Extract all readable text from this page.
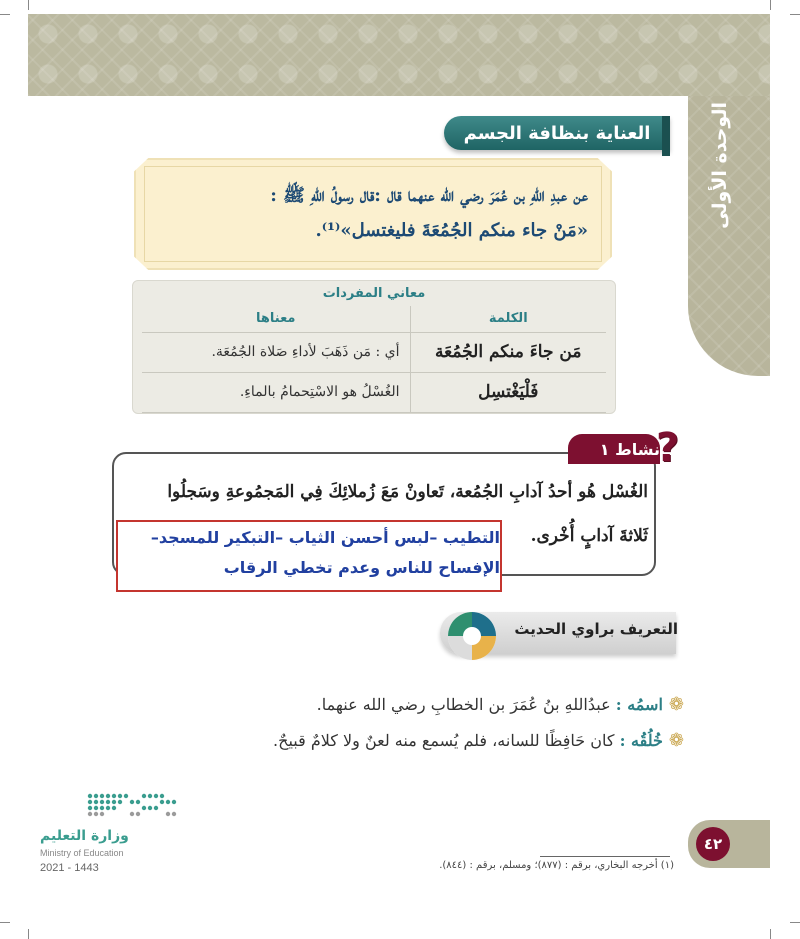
الوحدة الأولى
العناية بنظافة الجسم
عن عبدِ اللهِ بن عُمَرَ رضي الله عنهما قال :قال رسولُ اللهِ ﷺ :
«مَنْ جاء منكم الجُمُعَةَ فليغتسل»⁽¹⁾.
معاني المفردات
الكلمة	معناها
مَن جاءَ منكم الجُمُعَة	أي : مَن ذَهَبَ لأداءِ صَلاة الجُمُعَة.
فَلْيَغْتسِل	الغُسْلُ هو الاسْتِحمامُ بالماءِ.
نشاط ١
?
الغُسْل هُو أحدُ آدابِ الجُمُعة، تَعاونْ مَعَ زُملائِكَ فِي المَجمُوعةِ وسَجلُوا
ثَلاثةَ آدابٍ أُخْرى.
التطيب –لبس أحسن الثياب –التبكير للمسجد–
الإفساح للناس وعدم تخطي الرقاب
التعريف براوي الحديث
❁اسمُه : عبدُاللهِ بنُ عُمَرَ بن الخطابِ رضي الله عنهما.
❁خُلُقُه : كان حَافِظًا للسانه، فلم يُسمع منه لعنٌ ولا كلامٌ قبيحٌ.
٤٢
(١) أخرجه البخاري، برقم : (٨٧٧)؛ ومسلم، برقم : (٨٤٤).
وزارة التعليم
Ministry of Education
2021 - 1443
